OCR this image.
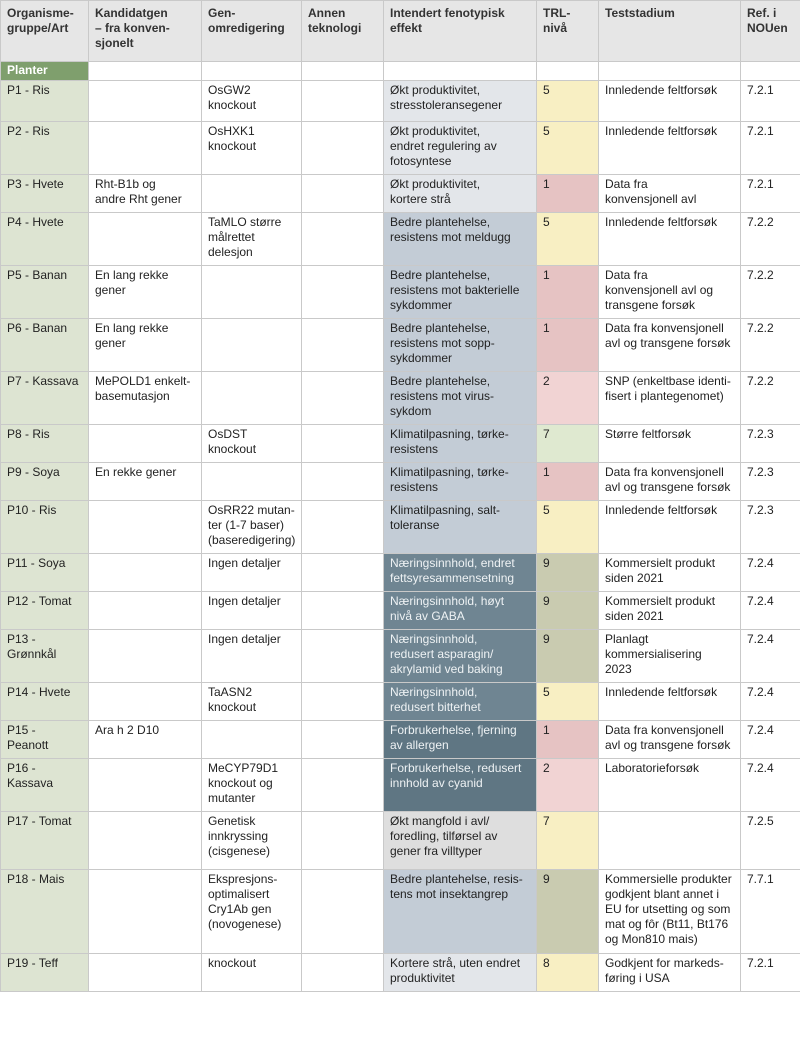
Organisme-
gruppe/Art	Kandidatgen
– fra konven-
sjonelt	Gen-
omredigering	Annen
teknologi	Intendert fenotypisk
effekt	TRL-nivå	Teststadium	Ref. i
NOUen
Planter							
P1 - Ris		OsGW2
knockout		Økt produktivitet,
stresstoleransegener	5	Innledende feltforsøk	7.2.1
P2 - Ris		OsHXK1
knockout		Økt produktivitet,
endret regulering av
fotosyntese	5	Innledende feltforsøk	7.2.1
P3 - Hvete	Rht-B1b og
andre Rht gener			Økt produktivitet,
kortere strå	1	Data fra
konvensjonell avl	7.2.1
P4 - Hvete		TaMLO større
målrettet
delesjon		Bedre plantehelse,
resistens mot meldugg	5	Innledende feltforsøk	7.2.2
P5 - Banan	En lang rekke
gener			Bedre plantehelse,
resistens mot bakterielle
sykdommer	1	Data fra
konvensjonell avl og
transgene forsøk	7.2.2
P6 - Banan	En lang rekke
gener			Bedre plantehelse,
resistens mot sopp-
sykdommer	1	Data fra konvensjonell
avl og transgene forsøk	7.2.2
P7 - Kassava	MePOLD1 enkelt-
basemutasjon			Bedre plantehelse,
resistens mot virus-
sykdom	2	SNP (enkeltbase identi-
fisert i plantegenomet)	7.2.2
P8 - Ris		OsDST
knockout		Klimatilpasning, tørke-
resistens	7	Større feltforsøk	7.2.3
P9 - Soya	En rekke gener			Klimatilpasning, tørke-
resistens	1	Data fra konvensjonell
avl og transgene forsøk	7.2.3
P10 - Ris		OsRR22 mutan-
ter (1-7 baser)
(baseredigering)		Klimatilpasning, salt-
toleranse	5	Innledende feltforsøk	7.2.3
P11 - Soya		Ingen detaljer		Næringsinnhold, endret
fettsyresammensetning	9	Kommersielt produkt
siden 2021	7.2.4
P12 - Tomat		Ingen detaljer		Næringsinnhold, høyt
nivå av GABA	9	Kommersielt produkt
siden 2021	7.2.4
P13 -
Grønnkål		Ingen detaljer		Næringsinnhold,
redusert asparagin/
akrylamid ved baking	9	Planlagt
kommersialisering
2023	7.2.4
P14 - Hvete		TaASN2
knockout		Næringsinnhold,
redusert bitterhet	5	Innledende feltforsøk	7.2.4
P15 -
Peanott	Ara h 2 D10			Forbrukerhelse, fjerning
av allergen	1	Data fra konvensjonell
avl og transgene forsøk	7.2.4
P16 -
Kassava		MeCYP79D1
knockout og
mutanter		Forbrukerhelse, redusert
innhold av cyanid	2	Laboratorieforsøk	7.2.4
P17 - Tomat		Genetisk
innkryssing
(cisgenese)		Økt mangfold i avl/
foredling, tilførsel av
gener fra villtyper	7		7.2.5
P18 - Mais		Ekspresjons-
optimalisert
Cry1Ab gen
(novogenese)		Bedre plantehelse, resis-
tens mot insektangrep	9	Kommersielle produkter
godkjent blant annet i
EU for utsetting og som
mat og fôr (Bt11, Bt176
og Mon810 mais)	7.7.1
P19 - Teff		knockout		Kortere strå, uten endret
produktivitet	8	Godkjent for markeds-
føring i USA	7.2.1
